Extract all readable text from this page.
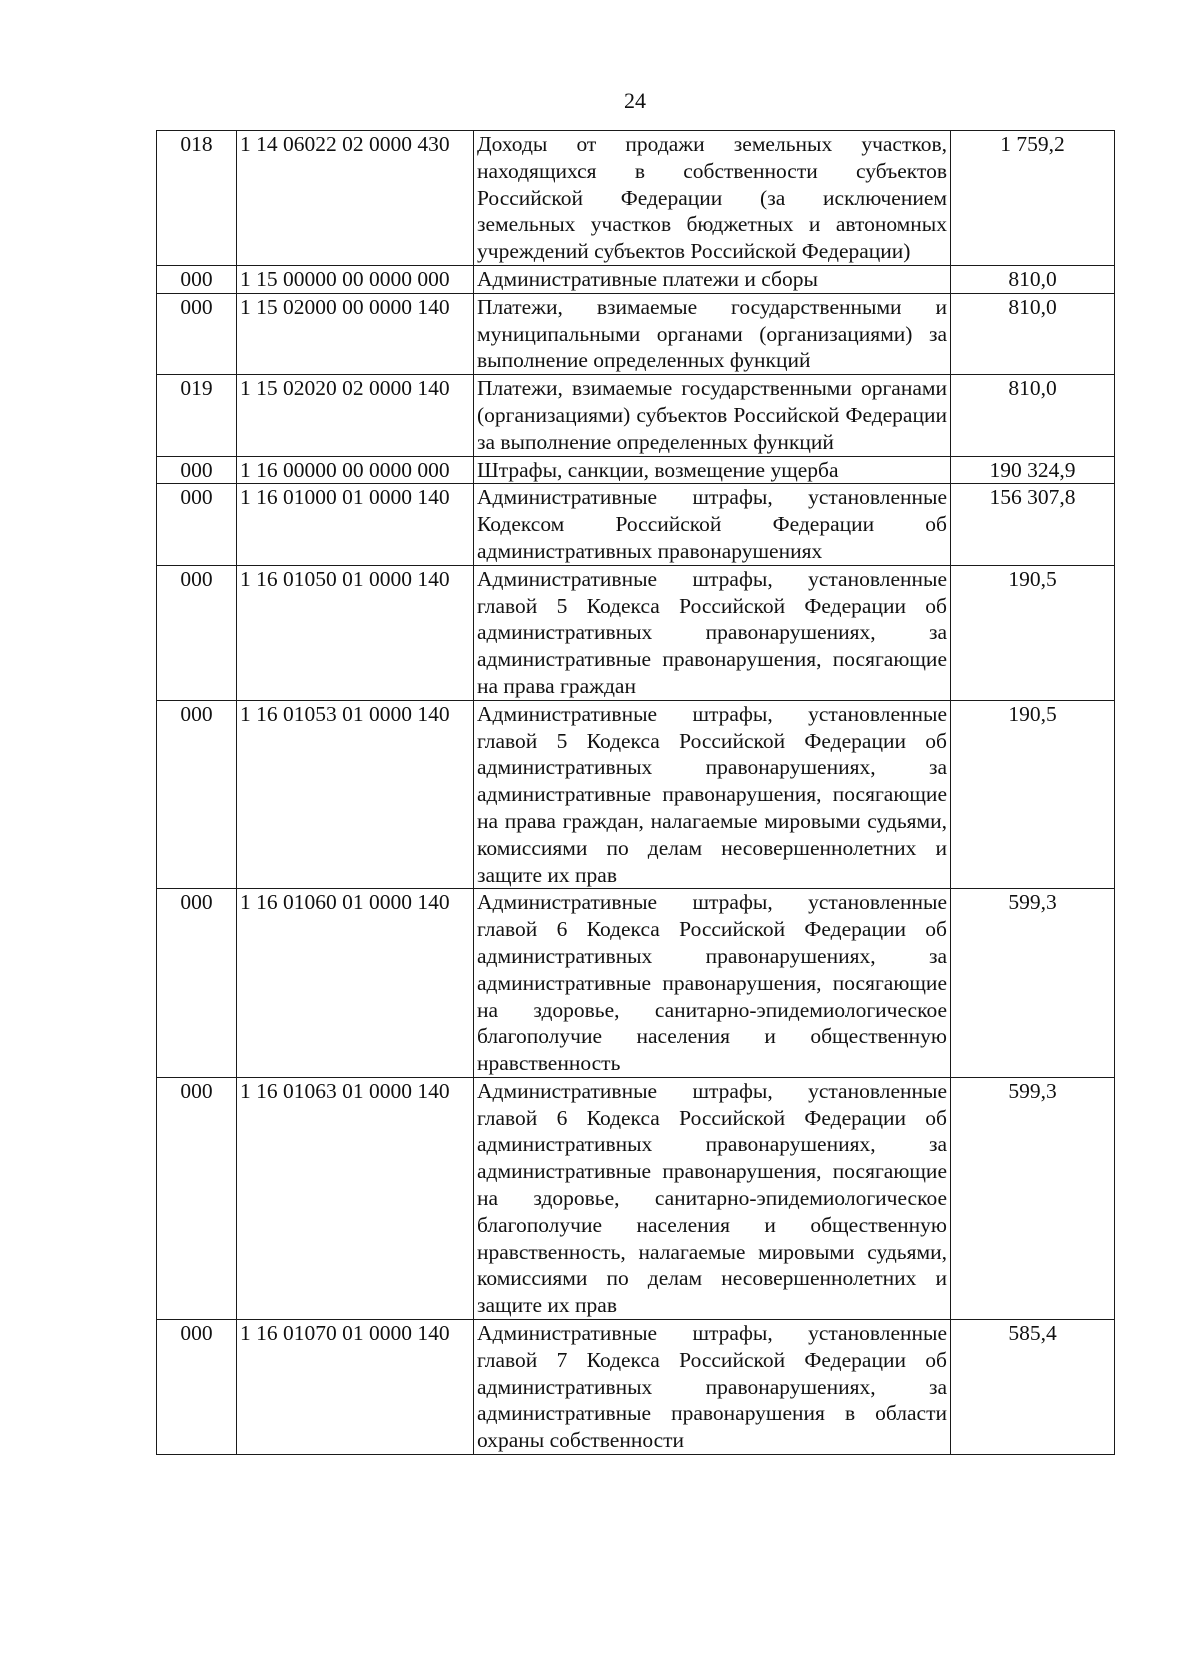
24
018	1 14 06022 02 0000 430	Доходы от продажи земельных участков, находящихся в собственности субъектов Российской Федерации (за исключением земельных участков бюджетных и автономных учреждений субъектов Российской Федерации)	1 759,2
000	1 15 00000 00 0000 000	Административные платежи и сборы	810,0
000	1 15 02000 00 0000 140	Платежи, взимаемые государственными и муниципальными органами (организациями) за выполнение определенных функций	810,0
019	1 15 02020 02 0000 140	Платежи, взимаемые государственными органами (организациями) субъектов Российской Федерации за выполнение определенных функций	810,0
000	1 16 00000 00 0000 000	Штрафы, санкции, возмещение ущерба	190 324,9
000	1 16 01000 01 0000 140	Административные штрафы, установленные Кодексом Российской Федерации об административных правонарушениях	156 307,8
000	1 16 01050 01 0000 140	Административные штрафы, установленные главой 5 Кодекса Российской Федерации об административных правонарушениях, за административные правонарушения, посягающие на права граждан	190,5
000	1 16 01053 01 0000 140	Административные штрафы, установленные главой 5 Кодекса Российской Федерации об административных правонарушениях, за административные правонарушения, посягающие на права граждан, налагаемые мировыми судьями, комиссиями по делам несовершеннолетних и защите их прав	190,5
000	1 16 01060 01 0000 140	Административные штрафы, установленные главой 6 Кодекса Российской Федерации об административных правонарушениях, за административные правонарушения, посягающие на здоровье, санитарно-эпидемиологическое благополучие населения и общественную нравственность	599,3
000	1 16 01063 01 0000 140	Административные штрафы, установленные главой 6 Кодекса Российской Федерации об административных правонарушениях, за административные правонарушения, посягающие на здоровье, санитарно-эпидемиологическое благополучие населения и общественную нравственность, налагаемые мировыми судьями, комиссиями по делам несовершеннолетних и защите их прав	599,3
000	1 16 01070 01 0000 140	Административные штрафы, установленные главой 7 Кодекса Российской Федерации об административных правонарушениях, за административные правонарушения в области охраны собственности	585,4
